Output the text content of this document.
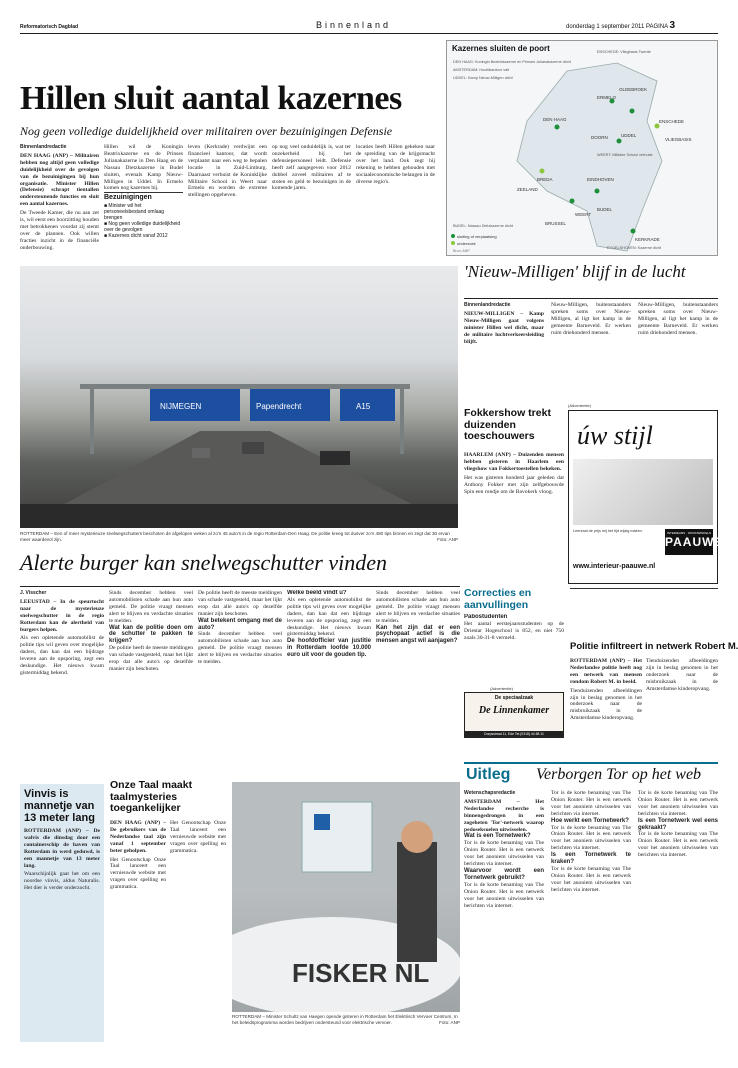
Reformatorisch Dagblad	Binnenland	donderdag 1 september 2011 PAGINA 3
Hillen sluit aantal kazernes
Nog geen volledige duidelijkheid over militairen over bezuinigingen Defensie
Binnenlandredactie

DEN HAAG (ANP) – Militairen hebben nog altijd geen volledige duidelijkheid over de gevolgen van de bezuinigingen bij hun organisatie. Minister Hillen (Defensie) schrapt tientallen ondersteunende functies en sluit een aantal kazernes.

De Tweede Kamer, die nu aan zet is, wil eerst een hoorzitting houden met betrokkenen voordat zij stemt over de plannen. Ook willen fracties inzicht in de financiële onderbouwing.

Hillen wil de Koningin Beatrixkazerne en de Prinses Julianakazerne in Den Haag en de Nassau Dietzkazerne in Budel sluiten, evenals Kamp Nieuw-Milligen in Uddel. In Ermelo komen nog kazernes bij.

Bezuinigingen
■ Minister wil het personeelsbestand omlaag brengen
■ Nog geen volledige duidelijkheid over de gevolgen
■ Kazernes dicht vanaf 2012

leven (Kerkrade) verdwijnt een financieel kantoor, dat wordt verplaatst naar een weg te bepalen locatie in Zuid-Limburg. Daarnaast verhuist de Koninklijke Militaire School in Weert naar Ermelo en worden de extreme stellingen opgeheven.

op nog veel onduidelijk is, wat ter onzekerheid bij het defensiepersoneel leidt. Defensie heeft zelf aangegeven voor 2012 dubbel zoveel militairen af te stoten en geld te bezuinigen in de komende jaren.

locaties heeft Hillen gekeken naar de spreiding van de krijgsmacht over het land. Ook zegt hij rekening te hebben gehouden met sociaaleconomische belangen in de diverse regio's.

Kazernes sluiten de poort
BRUSSEL
BREDA
ERMELO
ENSCHEDE
OLDEBROEK
UDDEL
DOORN
DEN HAAG
BUDEL
KERKRADE
WEERT
EINDHOVEN
ZEELAND
VLIEGBASIS
DEN HAAG: Koningin Beatrixkazerne en Prinses Julianakazerne dicht
AMSTERDAM: Hoofdkantoor valt
UDDEL: Kamp Nieuw-Milligen dicht
ENSCHEDE: Vliegbasis Twente
BUDEL: Nassau Dietzkazerne dicht
WEERT: Militaire School verhuist
EYGELSHOVEN: Kazerne dicht
sluiting of verplaatsing
onderzoek
Bron: ANP
NIJMEGEN	Papendrecht	A15
ROTTERDAM – Een of meer mysterieuze snelwegschutters beschoten de afgelopen weken al zo'n 45 auto's in de regio Rotterdam-Den Haag. De politie kreeg tot dusver zo'n 480 tips binnen en zegt dat 30 ervan meer waardevol zijn.	Foto: ANP
'Nieuw-Milligen' blijf in de lucht
Binnenlandredactie

NIEUW-MILLIGEN – Kamp Nieuw-Milligen gaat volgens minister Hillen wel dicht, maar de militaire luchtverkeersleiding blijft.

Nieuw-Milligen, buitenstaanders spreken soms over Nieuw-Milligen, al ligt het kamp in de gemeente Barneveld. Er werken ruim driehonderd mensen.

Nieuw-Milligen, buitenstaanders spreken soms over Nieuw-Milligen, al ligt het kamp in de gemeente Barneveld. Er werken ruim driehonderd mensen.

Fokkershow trekt duizenden toeschouwers

HAARLEM (ANP) – Duizenden mensen hebben gisteren in Haarlem een vliegshow van Fokkertoestellen bekeken.

Het was gisteren honderd jaar geleden dat Anthony Fokker met zijn zelfgebouwde Spin een rondje om de Bavokerk vloog.

(Advertentie)
úw stijl
Leerzaal de prijs mij het tijd wijzig maken.	INTERIEURS · WOONWINKELS
PAAUWE
www.interieur-paauwe.nl
Alerte burger kan snelwegschutter vinden
J. Visscher

LEEUSTAD – In de speurtocht naar de mysterieuze snelwegschutter in de regio Rotterdam kan de alertheid van burgers helpen.

Als een opletende automobilist de politie tips wil geven over mogelijke daders, dan kan dat een bijdrage leveren aan de opsporing, zegt een deskundige. Het nieuws kwam gistermiddag bekend.

Sinds december hebben veel automobilisten schade aan hun auto gemeld. De politie vraagt mensen alert te blijven en verdachte situaties te melden.

Wat kan de politie doen om de schutter te pakken te krijgen?

De politie heeft de meeste meldingen van schade vastgesteld, maar het lijkt erop dat alle auto's op dezelfde manier zijn beschoten.

De politie heeft de meeste meldingen van schade vastgesteld, maar het lijkt erop dat alle auto's op dezelfde manier zijn beschoten.

Wat betekent omgang met de auto?

Sinds december hebben veel automobilisten schade aan hun auto gemeld. De politie vraagt mensen alert te blijven en verdachte situaties te melden.

Welke beeld vindt u?

Als een opletende automobilist de politie tips wil geven over mogelijke daders, dan kan dat een bijdrage leveren aan de opsporing, zegt een deskundige. Het nieuws kwam gistermiddag bekend.

De hoofdofficier van justitie in Rotterdam loofde 10.000 euro uit voor de gouden tip.

Sinds december hebben veel automobilisten schade aan hun auto gemeld. De politie vraagt mensen alert te blijven en verdachte situaties te melden.

Kan het zijn dat er een psychopaat actief is die mensen angst wil aanjagen?

Correcties en aanvullingen

Pabostudenten

Het aantal eerstejaarsstudenten op de Driestar Hogeschool is 852, en niet 750 zoals 30-31-8 vermeld.

(Advertentie)
De speciaalzaak
De Linnenkamer
Dorpsstraat 11, Ede Tel.(0318) 44 88 11
Politie infiltreert in netwerk Robert M.

ROTTERDAM (ANP) – Het Nederlandse politie heeft nog een netwerk van mensen rondom Robert M. in beeld.

Tienduizenden afbeeldingen zijn in beslag genomen in het onderzoek naar de misbruikzaak in de Amsterdamse kinderopvang.

Tienduizenden afbeeldingen zijn in beslag genomen in het onderzoek naar de misbruikzaak in de Amsterdamse kinderopvang.

Vinvis is mannetje van 13 meter lang

ROTTERDAM (ANP) – De walvis die dinsdag door een containerschip de haven van Rotterdam in werd geduwd, is een mannetje van 13 meter lang.

Waarschijnlijk gaat het om een noordse vinvis, aldus Naturalis. Het dier is verder onderzocht.

Onze Taal maakt taalmysteries toegankelijker

DEN HAAG (ANP) – De gebruikers van de Nederlandse taal zijn vanaf 1 september beter geholpen.

Het Genootschap Onze Taal lanceert een vernieuwde website met vragen over spelling en grammatica.

Het Genootschap Onze Taal lanceert een vernieuwde website met vragen over spelling en grammatica.

FISKER NL
ROTTERDAM – Minister Schultz van Haegen opende gisteren in Rotterdam het Elektrisch Vervoer Centrum. In het beleidsprogramma worden bedrijven ondersteund voor elektrische vervoer.	Foto: ANP
Uitleg Verborgen Tor op het web
Wetenschapsredactie

AMSTERDAM – Het Nederlandse recherche is binnengedrongen in een zogeheten 'Tor'-netwerk waarop pedoseksuelen uitwisselen.

Wat is een Tornetwerk?

Tor is de korte benaming van The Onion Router. Het is een netwerk voor het anoniem uitwisselen van berichten via internet.

Waarvoor wordt een Tornetwerk gebruikt?

Tor is de korte benaming van The Onion Router. Het is een netwerk voor het anoniem uitwisselen van berichten via internet.

Tor is de korte benaming van The Onion Router. Het is een netwerk voor het anoniem uitwisselen van berichten via internet.

Hoe werkt een Tornetwerk?

Tor is de korte benaming van The Onion Router. Het is een netwerk voor het anoniem uitwisselen van berichten via internet.

Is een Tornetwerk te kraken?

Tor is de korte benaming van The Onion Router. Het is een netwerk voor het anoniem uitwisselen van berichten via internet.

Tor is de korte benaming van The Onion Router. Het is een netwerk voor het anoniem uitwisselen van berichten via internet.

Is een Tornetwerk wel eens gekraakt?

Tor is de korte benaming van The Onion Router. Het is een netwerk voor het anoniem uitwisselen van berichten via internet.
